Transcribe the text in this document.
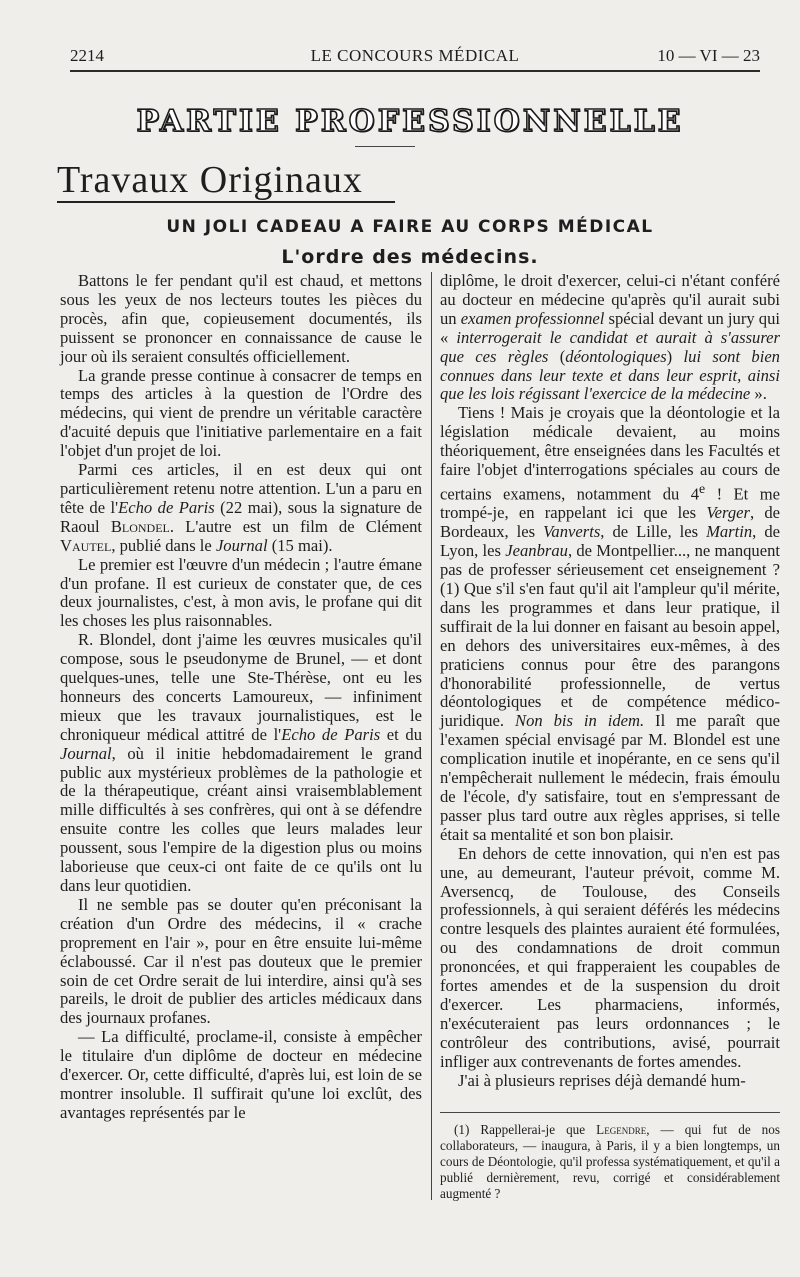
2214	LE CONCOURS MÉDICAL	10 — VI — 23
PARTIE PROFESSIONNELLE
Travaux Originaux
UN JOLI CADEAU A FAIRE AU CORPS MÉDICAL
L'ordre des médecins.

Battons le fer pendant qu'il est chaud, et mettons sous les yeux de nos lecteurs toutes les pièces du procès, afin que, copieusement documentés, ils puissent se prononcer en connaissance de cause le jour où ils seraient consultés officiellement.

La grande presse continue à consacrer de temps en temps des articles à la question de l'Ordre des médecins, qui vient de prendre un véritable caractère d'acuité depuis que l'initiative parlementaire en a fait l'objet d'un projet de loi.

Parmi ces articles, il en est deux qui ont particulièrement retenu notre attention. L'un a paru en tête de l'Echo de Paris (22 mai), sous la signature de Raoul Blondel. L'autre est un film de Clément Vautel, publié dans le Journal (15 mai).

Le premier est l'œuvre d'un médecin ; l'autre émane d'un profane. Il est curieux de constater que, de ces deux journalistes, c'est, à mon avis, le profane qui dit les choses les plus raisonnables.

R. Blondel, dont j'aime les œuvres musicales qu'il compose, sous le pseudonyme de Brunel, — et dont quelques-unes, telle une Ste-Thérèse, ont eu les honneurs des concerts Lamoureux, — infiniment mieux que les travaux journalistiques, est le chroniqueur médical attitré de l'Echo de Paris et du Journal, où il initie hebdomadairement le grand public aux mystérieux problèmes de la pathologie et de la thérapeutique, créant ainsi vraisemblablement mille difficultés à ses confrères, qui ont à se défendre ensuite contre les colles que leurs malades leur poussent, sous l'empire de la digestion plus ou moins laborieuse que ceux-ci ont faite de ce qu'ils ont lu dans leur quotidien.

Il ne semble pas se douter qu'en préconisant la création d'un Ordre des médecins, il « crache proprement en l'air », pour en être ensuite lui-même éclaboussé. Car il n'est pas douteux que le premier soin de cet Ordre serait de lui interdire, ainsi qu'à ses pareils, le droit de publier des articles médicaux dans des journaux profanes.

— La difficulté, proclame-il, consiste à empêcher le titulaire d'un diplôme de docteur en médecine d'exercer. Or, cette difficulté, d'après lui, est loin de se montrer insoluble. Il suffirait qu'une loi exclût, des avantages représentés par le

diplôme, le droit d'exercer, celui-ci n'étant conféré au docteur en médecine qu'après qu'il aurait subi un examen professionnel spécial devant un jury qui « interrogerait le candidat et aurait à s'assurer que ces règles (déontologiques) lui sont bien connues dans leur texte et dans leur esprit, ainsi que les lois régissant l'exercice de la médecine ».

Tiens ! Mais je croyais que la déontologie et la législation médicale devaient, au moins théoriquement, être enseignées dans les Facultés et faire l'objet d'interrogations spéciales au cours de certains examens, notamment du 4e ! Et me trompé-je, en rappelant ici que les Verger, de Bordeaux, les Vanverts, de Lille, les Martin, de Lyon, les Jeanbrau, de Montpellier..., ne manquent pas de professer sérieusement cet enseignement ? (1) Que s'il s'en faut qu'il ait l'ampleur qu'il mérite, dans les programmes et dans leur pratique, il suffirait de la lui donner en faisant au besoin appel, en dehors des universitaires eux-mêmes, à des praticiens connus pour être des parangons d'honorabilité professionnelle, de vertus déontologiques et de compétence médico-juridique. Non bis in idem. Il me paraît que l'examen spécial envisagé par M. Blondel est une complication inutile et inopérante, en ce sens qu'il n'empêcherait nullement le médecin, frais émoulu de l'école, d'y satisfaire, tout en s'empressant de passer plus tard outre aux règles apprises, si telle était sa mentalité et son bon plaisir.

En dehors de cette innovation, qui n'en est pas une, au demeurant, l'auteur prévoit, comme M. Aversencq, de Toulouse, des Conseils professionnels, à qui seraient déférés les médecins contre lesquels des plaintes auraient été formulées, ou des condamnations de droit commun prononcées, et qui frapperaient les coupables de fortes amendes et de la suspension du droit d'exercer. Les pharmaciens, informés, n'exécuteraient pas leurs ordonnances ; le contrôleur des contributions, avisé, pourrait infliger aux contrevenants de fortes amendes.

J'ai à plusieurs reprises déjà demandé hum-

(1) Rappellerai-je que Legendre, — qui fut de nos collaborateurs, — inaugura, à Paris, il y a bien longtemps, un cours de Déontologie, qu'il professa systématiquement, et qu'il a publié dernièrement, revu, corrigé et considérablement augmenté ?
